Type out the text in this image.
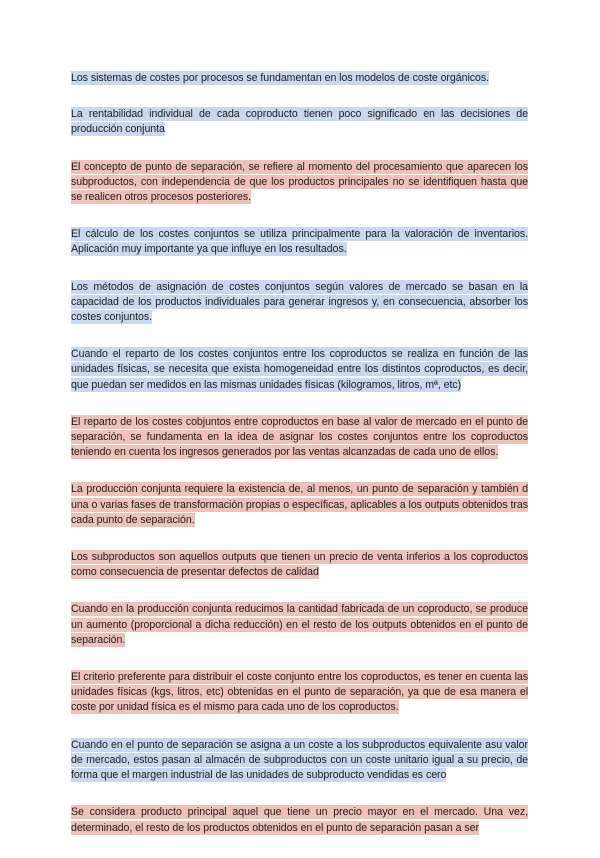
Los sistemas de costes por procesos se fundamentan en los modelos de coste orgánicos.

La rentabilidad individual de cada coproducto tienen poco significado en las decisiones de producción conjunta

El concepto de punto de separación, se refiere al momento del procesamiento que aparecen los subproductos, con independencia de que los productos principales no se identifiquen hasta que se realicen otros procesos posteriores.

El cálculo de los costes conjuntos se utiliza principalmente para la valoración de inventarios. Aplicación muy importante ya que influye en los resultados.

Los métodos de asignación de costes conjuntos según valores de mercado se basan en la capacidad de los productos individuales para generar ingresos y, en consecuencia, absorber los costes conjuntos.

Cuando el reparto de los costes conjuntos entre los coproductos se realiza en función de las unidades físicas, se necesita que exista homogeneidad entre los distintos coproductos, es decir, que puedan ser medidos en las mismas unidades físicas (kilogramos, litros, mª, etc)

El reparto de los costes cobjuntos entre coproductos en base al valor de mercado en el punto de separación, se fundamenta en la idea de asignar los costes conjuntos entre los coproductos teniendo en cuenta los ingresos generados por las ventas alcanzadas de cada uno de ellos.

La producción conjunta requiere la existencia de, al menos, un punto de separación y también d una o varias fases de transformación propias o específicas, aplicables a los outputs obtenidos tras cada punto de separación.

Los subproductos son aquellos outputs que tienen un precio de venta inferios a los coproductos como consecuencia de presentar defectos de calidad

Cuando en la producción conjunta reducimos la cantidad fabricada de un coproducto, se produce un aumento (proporcional a dicha reducción) en el resto de los outputs obtenidos en el punto de separación.

El criterio preferente para distribuir el coste conjunto entre los coproductos, es tener en cuenta las unidades físicas (kgs, litros, etc) obtenidas en el punto de separación, ya que de esa manera el coste por unidad física es el mismo para cada uno de los coproductos.

Cuando en el punto de separación se asigna a un coste a los subproductos equivalente asu valor de mercado, estos pasan al almacén de subproductos con un coste unitario igual a su precio, de forma que el margen industrial de las unidades de subproducto vendidas es cero

Se considera producto principal aquel que tiene un precio mayor en el mercado. Una vez, determinado, el resto de los productos obtenidos en el punto de separación pasan a ser
